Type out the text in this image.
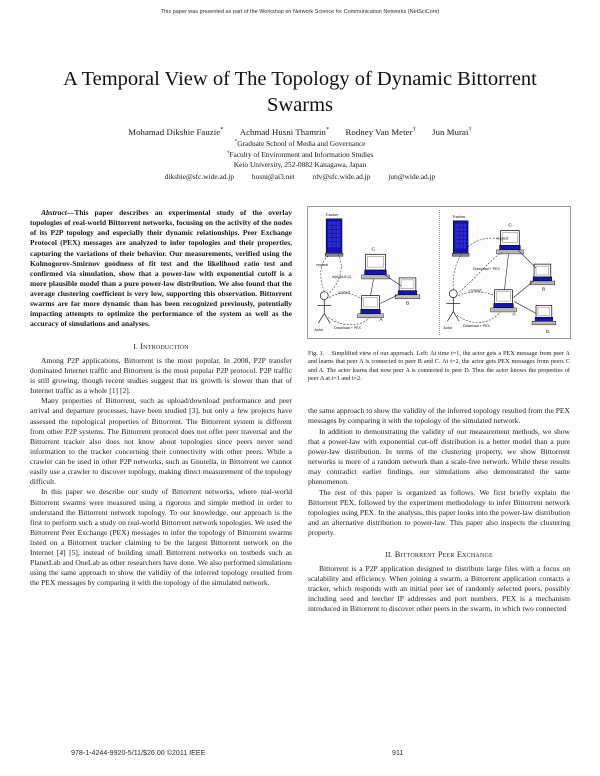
This paper was presented as part of the Workshop on Network Science for Communication Networks (NetSciCom)
A Temporal View of The Topology of Dynamic Bittorrent Swarms
Mohamad Dikshie Fauzie* Achmad Husni Thamrin* Rodney Van Meter† Jun Murai†
*Graduate School of Media and Governance
†Faculty of Environment and Information Studies
Keio University, 252-0882 Kanagawa, Japan
dikshie@sfc.wide.ad.jp husni@ai3.net rdv@sfc.wide.ad.jp jun@wide.ad.jp

Abstract—This paper describes an experimental study of the overlay topologies of real-world Bittorrent networks, focusing on the activity of the nodes of its P2P topology and especially their dynamic relationships. Peer Exchange Protocol (PEX) messages are analyzed to infer topologies and their properties, capturing the variations of their behavior. Our measurements, verified using the Kolmogorov-Smirnov goodness of fit test and the likelihood ratio test and confirmed via simulation, show that a power-law with exponential cutoff is a more plausible model than a pure power-law distribution. We also found that the average clustering coefficient is very low, supporting this observation. Bittorrent swarms are far more dynamic than has been recognized previously, potentially impacting attempts to optimize the performance of the system as well as the accuracy of simulations and analyses.

I. Introduction

Among P2P applications, Bittorrent is the most popular. In 2008, P2P transfer dominated Internet traffic and Bittorrent is the most popular P2P protocol. P2P traffic is still growing, though recent studies suggest that its growth is slower than that of Internet traffic as a whole [1] [2].

Many properties of Bittorrent, such as upload/download performance and peer arrival and departure processes, have been studied [3], but only a few projects have assessed the topological properties of Bittorrent. The Bittorrent system is different from other P2P systems. The Bittorrent protocol does not offer peer traversal and the Bittorrent tracker also does not know about topologies since peers never send information to the tracker concerning their connectivity with other peers. While a crawler can be used in other P2P networks, such as Gnutella, in Bittorrent we cannot easily use a crawler to discover topology, making direct measurement of the topology difficult.

In this paper we describe our study of Bittorrent networks, where real-world Bittorrent swarms were measured using a rigorous and simple method in order to understand the Bittorrent network topology. To our knowledge, our approach is the first to perform such a study on real-world Bittorrent network topologies. We used the Bittorrent Peer Exchange (PEX) messages to infer the topology of Bittorrent swarms listed on a Bittorrent tracker claiming to be the largest Bittorrent network on the Internet [4] [5], instead of building small Bittorrent networks on testbeds such as PlanetLab and OneLab as other researchers have done. We also performed simulations using the same approach to show the validity of the inferred topology resulted from the PEX messages by comparing it with the topology of the simulated network.

Tracker
Actor
C
A
B
request
reply(A,B,C)
connect
Download + PEX
Tracker
Actor
C
B
A
D
request
Download + PEX
connect
Download + PEX
Fig. 1. Simplified view of our approach. Left: At time t=1, the actor gets a PEX message from peer A and learns that peer A is connected to peer B and C. At t=2, the actor gets PEX messages from peers C and A. The actor learns that now peer A is connected to peer D. Thus the actor knows the properties of peer A at t=1 and t=2.

the same approach to show the validity of the inferred topology resulted from the PEX messages by comparing it with the topology of the simulated network.

In addition to demonstrating the validity of our measurement methods, we show that a power-law with exponential cut-off distribution is a better model than a pure power-law distribution. In terms of the clustering property, we show Bittorrent networks is more of a random network than a scale-free network. While these results may contradict earlier findings, our simulations also demonstrated the same phenomenon.

The rest of this paper is organized as follows. We first briefly explain the Bittorrent PEX, followed by the experiment methodology to infer Bittorrent network topologies using PEX. In the analysis, this paper looks into the power-law distribution and an alternative distribution to power-law. This paper also inspects the clustering property.

II. Bittorrent Peer Exchange

Bittorrent is a P2P application designed to distribute large files with a focus on scalability and efficiency. When joining a swarm, a Bittorrent application contacts a tracker, which responds with an initial peer set of randomly selected peers, possibly including seed and leecher IP addresses and port numbers. PEX is a mechanism introduced in Bittorrent to discover other peers in the swarm, in which two connected

978-1-4244-9920-5/11/$26.00 ©2011 IEEE	911
